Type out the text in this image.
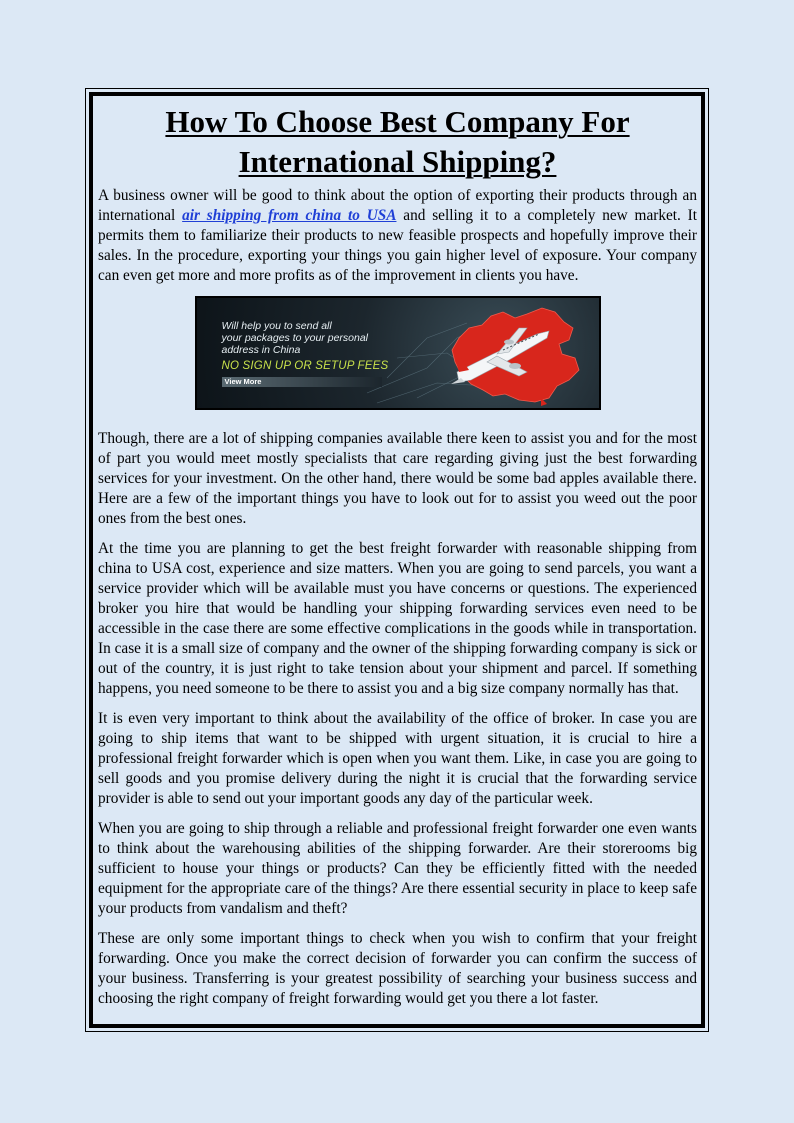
How To Choose Best Company For International Shipping?

A business owner will be good to think about the option of exporting their products through an international air shipping from china to USA and selling it to a completely new market. It permits them to familiarize their products to new feasible prospects and hopefully improve their sales. In the procedure, exporting your things you gain higher level of exposure. Your company can even get more and more profits as of the improvement in clients you have.

Will help you to send all
your packages to your personal
address in China
NO SIGN UP OR SETUP FEES
View More

Though, there are a lot of shipping companies available there keen to assist you and for the most of part you would meet mostly specialists that care regarding giving just the best forwarding services for your investment. On the other hand, there would be some bad apples available there. Here are a few of the important things you have to look out for to assist you weed out the poor ones from the best ones.

At the time you are planning to get the best freight forwarder with reasonable shipping from china to USA cost, experience and size matters. When you are going to send parcels, you want a service provider which will be available must you have concerns or questions. The experienced broker you hire that would be handling your shipping forwarding services even need to be accessible in the case there are some effective complications in the goods while in transportation. In case it is a small size of company and the owner of the shipping forwarding company is sick or out of the country, it is just right to take tension about your shipment and parcel. If something happens, you need someone to be there to assist you and a big size company normally has that.

It is even very important to think about the availability of the office of broker. In case you are going to ship items that want to be shipped with urgent situation, it is crucial to hire a professional freight forwarder which is open when you want them. Like, in case you are going to sell goods and you promise delivery during the night it is crucial that the forwarding service provider is able to send out your important goods any day of the particular week.

When you are going to ship through a reliable and professional freight forwarder one even wants to think about the warehousing abilities of the shipping forwarder. Are their storerooms big sufficient to house your things or products? Can they be efficiently fitted with the needed equipment for the appropriate care of the things? Are there essential security in place to keep safe your products from vandalism and theft?

These are only some important things to check when you wish to confirm that your freight forwarding. Once you make the correct decision of forwarder you can confirm the success of your business. Transferring is your greatest possibility of searching your business success and choosing the right company of freight forwarding would get you there a lot faster.
